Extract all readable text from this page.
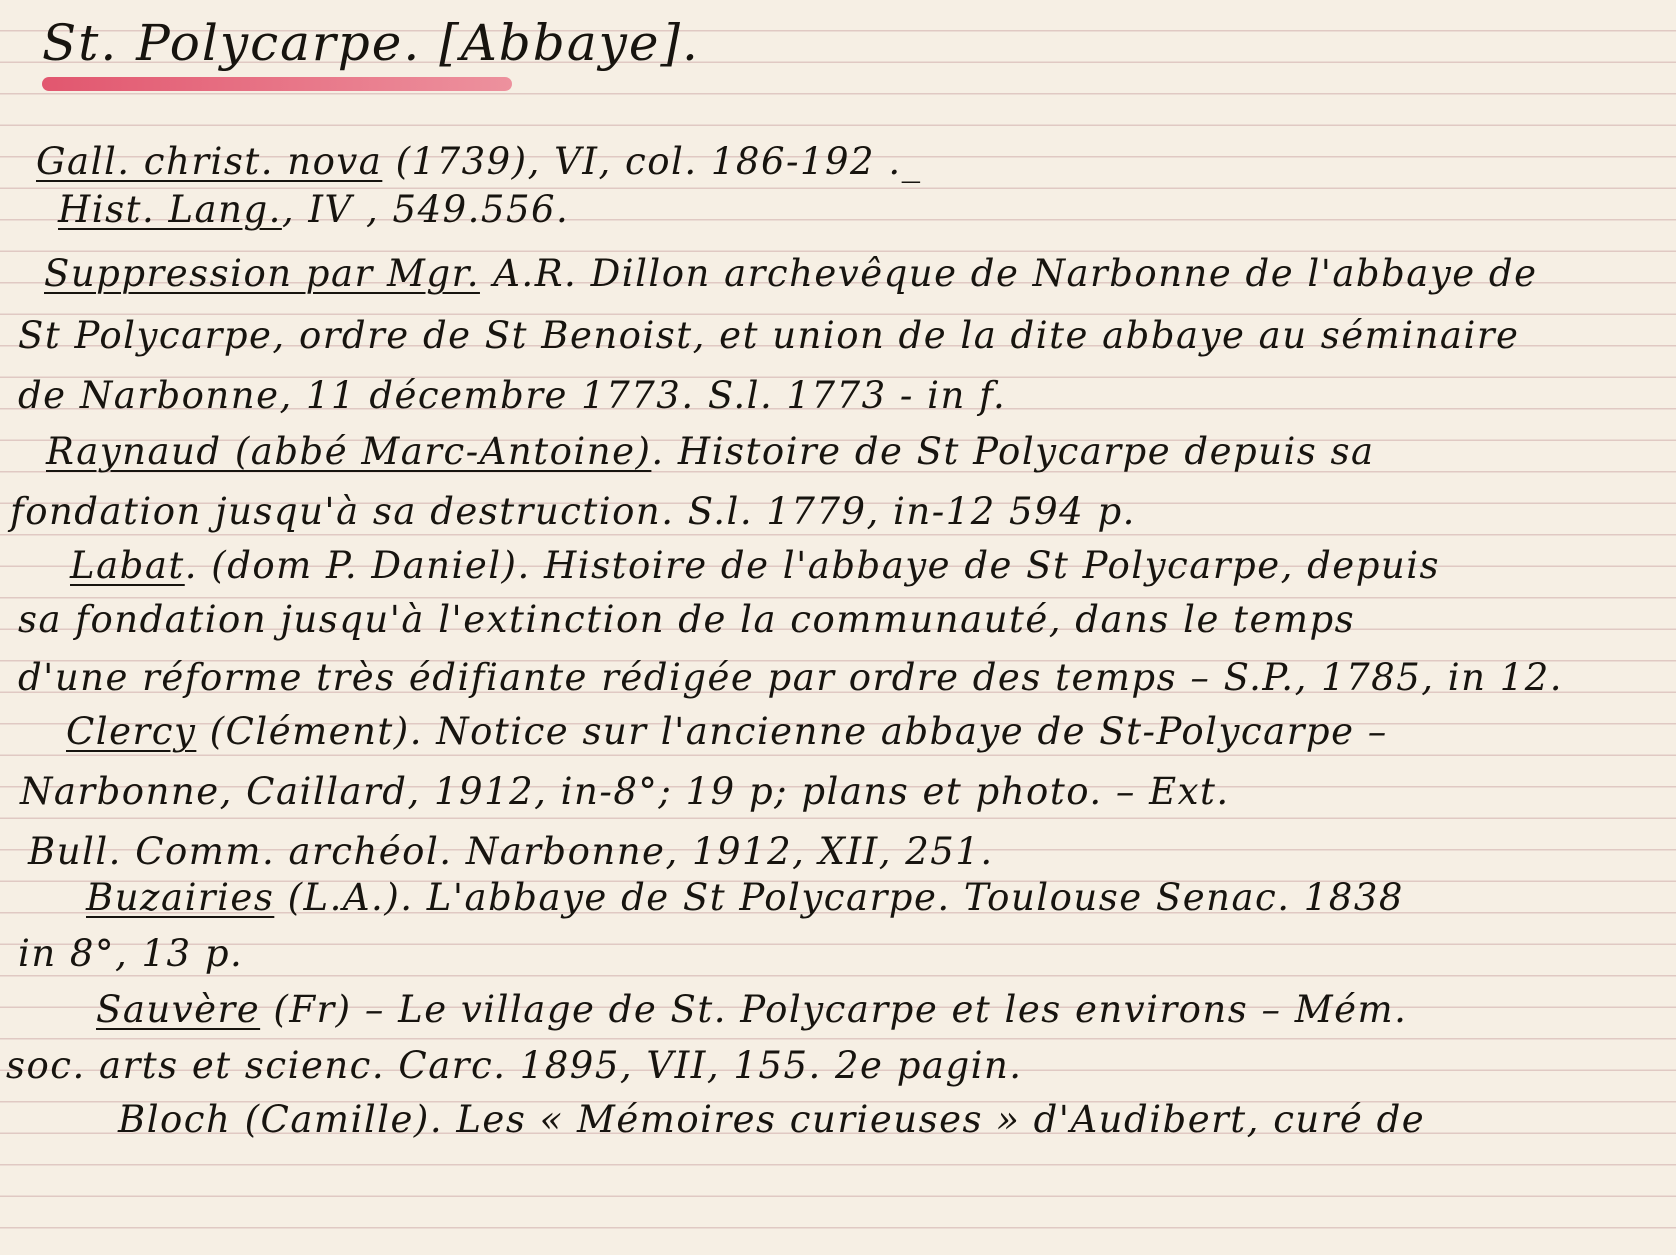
St. Polycarpe. [Abbaye].
Gall. christ. nova (1739), VI, col. 186-192 ._
Hist. Lang., IV , 549.556.
Suppression par Mgr. A.R. Dillon archevêque de Narbonne de l'abbaye de
St Polycarpe, ordre de St Benoist, et union de la dite abbaye au séminaire
de Narbonne, 11 décembre 1773. S.l. 1773 - in f.
Raynaud (abbé Marc-Antoine). Histoire de St Polycarpe depuis sa
fondation jusqu'à sa destruction. S.l. 1779, in-12 594 p.
Labat. (dom P. Daniel). Histoire de l'abbaye de St Polycarpe, depuis
sa fondation jusqu'à l'extinction de la communauté, dans le temps
d'une réforme très édifiante rédigée par ordre des temps – S.P., 1785, in 12.
Clercy (Clément). Notice sur l'ancienne abbaye de St-Polycarpe –
Narbonne, Caillard, 1912, in-8°; 19 p; plans et photo. – Ext.
Bull. Comm. archéol. Narbonne, 1912, XII, 251.
Buzairies (L.A.). L'abbaye de St Polycarpe. Toulouse Senac. 1838
in 8°, 13 p.
Sauvère (Fr) – Le village de St. Polycarpe et les environs – Mém.
soc. arts et scienc. Carc. 1895, VII, 155. 2e pagin.
Bloch (Camille). Les « Mémoires curieuses » d'Audibert, curé de
